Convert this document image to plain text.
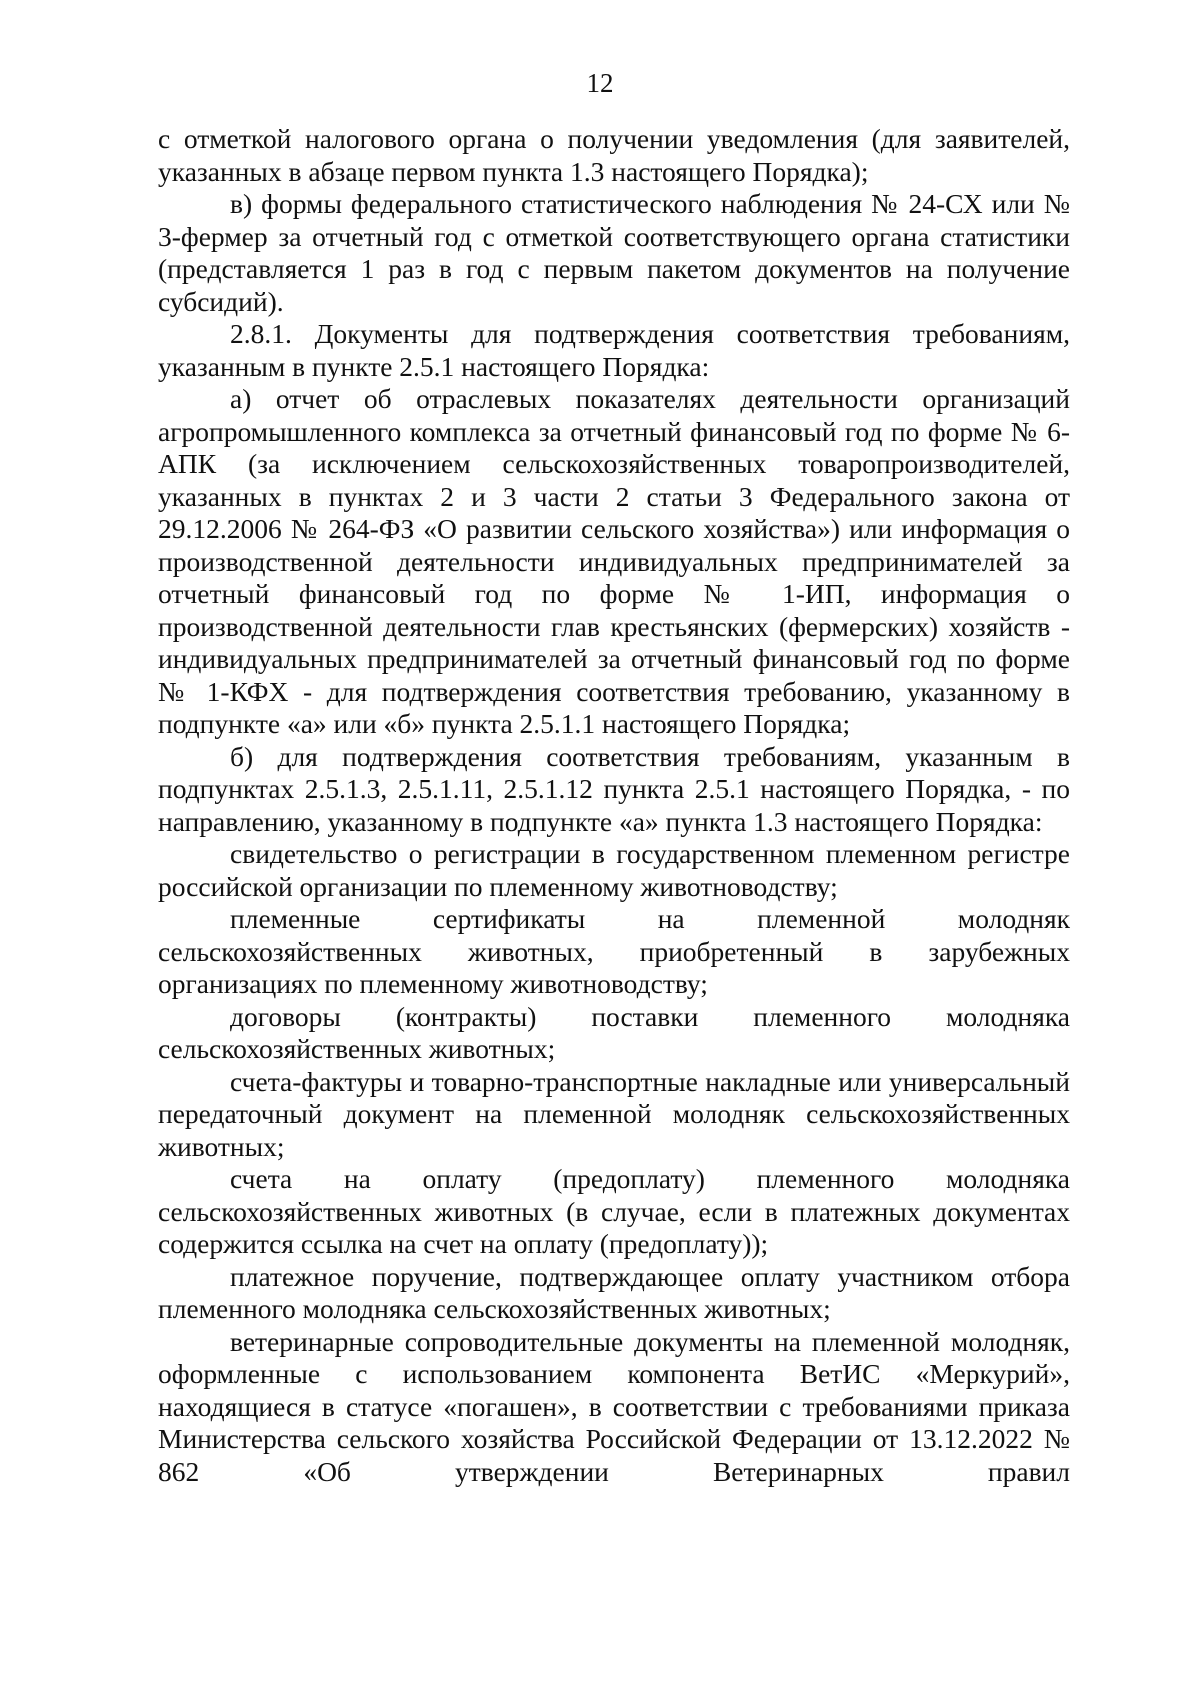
12

с отметкой налогового органа о получении уведомления (для заявителей, указанных в абзаце первом пункта 1.3 настоящего Порядка);

в) формы федерального статистического наблюдения № 24-СХ или № 3-фермер за отчетный год с отметкой соответствующего органа статистики (представляется 1 раз в год с первым пакетом документов на получение субсидий).

2.8.1. Документы для подтверждения соответствия требованиям, указанным в пункте 2.5.1 настоящего Порядка:

а) отчет об отраслевых показателях деятельности организаций агропромышленного комплекса за отчетный финансовый год по форме № 6-АПК (за исключением сельскохозяйственных товаропроизводителей, указанных в пунктах 2 и 3 части 2 статьи 3 Федерального закона от 29.12.2006 № 264-ФЗ «О развитии сельского хозяйства») или информация о производственной деятельности индивидуальных предпринимателей за отчетный финансовый год по форме № 1-ИП, информация о производственной деятельности глав крестьянских (фермерских) хозяйств - индивидуальных предпринимателей за отчетный финансовый год по форме № 1-КФХ - для подтверждения соответствия требованию, указанному в подпункте «а» или «б» пункта 2.5.1.1 настоящего Порядка;

б) для подтверждения соответствия требованиям, указанным в подпунктах 2.5.1.3, 2.5.1.11, 2.5.1.12 пункта 2.5.1 настоящего Порядка, - по направлению, указанному в подпункте «а» пункта 1.3 настоящего Порядка:

свидетельство о регистрации в государственном племенном регистре российской организации по племенному животноводству;

племенные сертификаты на племенной молодняк сельскохозяйственных животных, приобретенный в зарубежных организациях по племенному животноводству;

договоры (контракты) поставки племенного молодняка сельскохозяйственных животных;

счета-фактуры и товарно-транспортные накладные или универсальный передаточный документ на племенной молодняк сельскохозяйственных животных;

счета на оплату (предоплату) племенного молодняка сельскохозяйственных животных (в случае, если в платежных документах содержится ссылка на счет на оплату (предоплату));

платежное поручение, подтверждающее оплату участником отбора племенного молодняка сельскохозяйственных животных;

ветеринарные сопроводительные документы на племенной молодняк, оформленные с использованием компонента ВетИС «Меркурий», находящиеся в статусе «погашен», в соответствии с требованиями приказа Министерства сельского хозяйства Российской Федерации от 13.12.2022 № 862 «Об утверждении Ветеринарных правил
